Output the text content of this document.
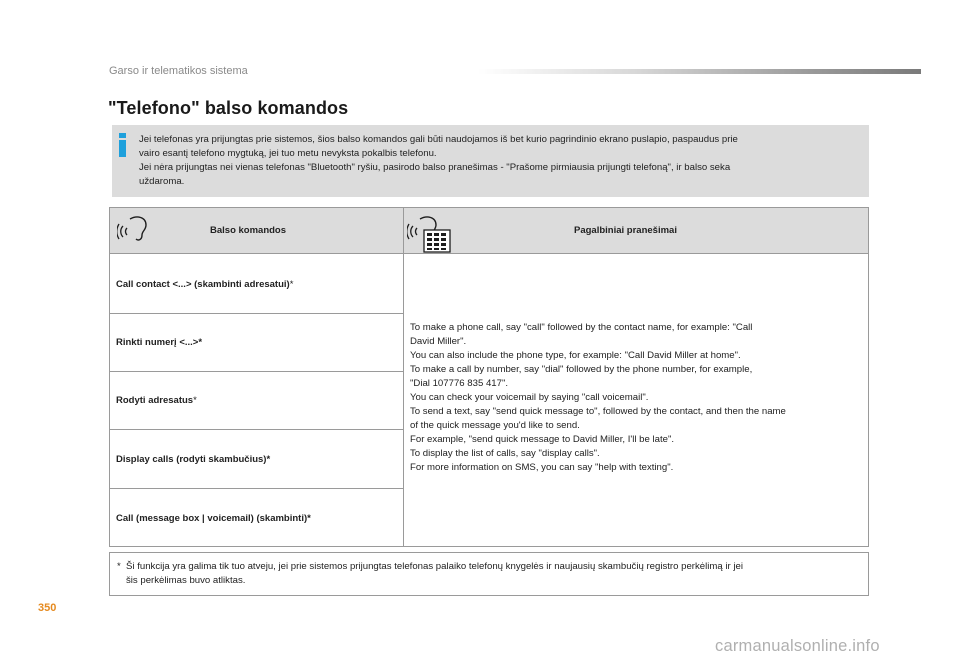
Garso ir telematikos sistema
"Telefono" balso komandos

Jei telefonas yra prijungtas prie sistemos, šios balso komandos gali būti naudojamos iš bet kurio pagrindinio ekrano puslapio, paspaudus prie

vairo esantį telefono mygtuką, jei tuo metu nevyksta pokalbis telefonu.

Jei nėra prijungtas nei vienas telefonas "Bluetooth" ryšiu, pasirodo balso pranešimas - "Prašome pirmiausia prijungti telefoną", ir balso seka

uždaroma.

Balso komandos	Pagalbiniai pranešimai
Call contact <...> (skambinti adresatui)*
Rinkti numerį <...>*
Rodyti adresatus*
Display calls (rodyti skambučius)*
Call (message box | voicemail) (skambinti)*

To make a phone call, say "call" followed by the contact name, for example: "Call

David Miller".

You can also include the phone type, for example: "Call David Miller at home".

To make a call by number, say "dial" followed by the phone number, for example,

"Dial 107776 835 417".

You can check your voicemail by saying "call voicemail".

To send a text, say "send quick message to", followed by the contact, and then the name

of the quick message you'd like to send.

For example, "send quick message to David Miller, I'll be late".

To display the list of calls, say "display calls".

For more information on SMS, you can say "help with texting".

* Ši funkcija yra galima tik tuo atveju, jei prie sistemos prijungtas telefonas palaiko telefonų knygelės ir naujausių skambučių registro perkėlimą ir jei
šis perkėlimas buvo atliktas.
350
carmanualsonline.info
